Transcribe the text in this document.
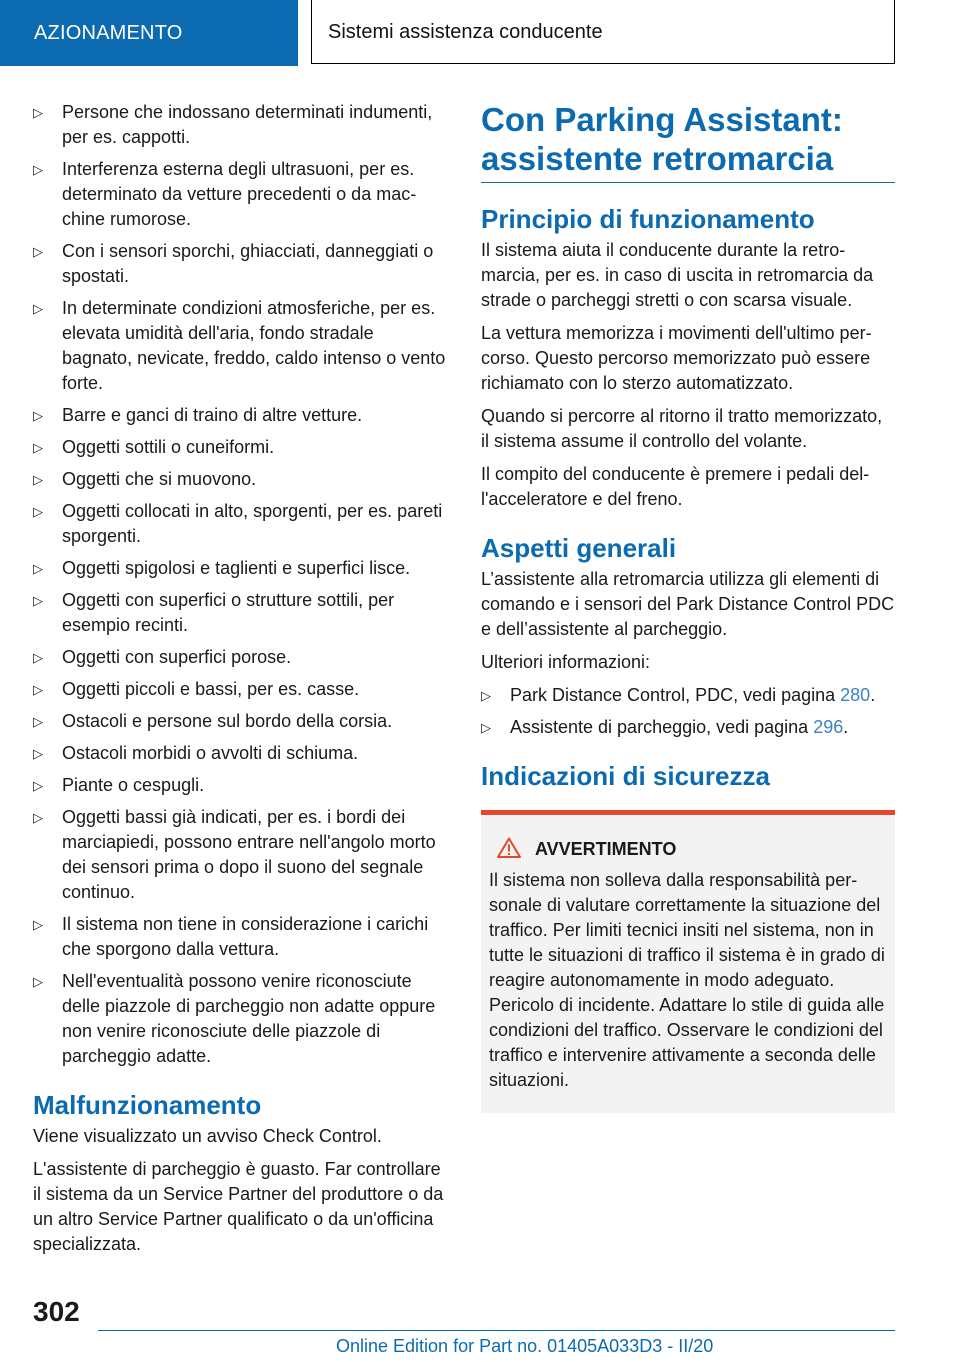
AZIONAMENTO	Sistemi assistenza conducente
▷ Persone che indossano determinati indumenti, per es. cappotti.
▷ Interferenza esterna degli ultrasuoni, per es. determinato da vetture precedenti o da macchine rumorose.
▷ Con i sensori sporchi, ghiacciati, danneggiati o spostati.
▷ In determinate condizioni atmosferiche, per es. elevata umidità dell'aria, fondo stradale bagnato, nevicate, freddo, caldo intenso o vento forte.
▷ Barre e ganci di traino di altre vetture.
▷ Oggetti sottili o cuneiformi.
▷ Oggetti che si muovono.
▷ Oggetti collocati in alto, sporgenti, per es. pareti sporgenti.
▷ Oggetti spigolosi e taglienti e superfici lisce.
▷ Oggetti con superfici o strutture sottili, per esempio recinti.
▷ Oggetti con superfici porose.
▷ Oggetti piccoli e bassi, per es. casse.
▷ Ostacoli e persone sul bordo della corsia.
▷ Ostacoli morbidi o avvolti di schiuma.
▷ Piante o cespugli.
▷ Oggetti bassi già indicati, per es. i bordi dei marciapiedi, possono entrare nell'angolo morto dei sensori prima o dopo il suono del segnale continuo.
▷ Il sistema non tiene in considerazione i carichi che sporgono dalla vettura.
▷ Nell'eventualità possono venire riconosciute delle piazzole di parcheggio non adatte oppure non venire riconosciute delle piazzole di parcheggio adatte.
Malfunzionamento

Viene visualizzato un avviso Check Control.

L'assistente di parcheggio è guasto. Far controllare il sistema da un Service Partner del produttore o da un altro Service Partner qualificato o da un'officina specializzata.

Con Parking Assistant: assistente retromarcia
Principio di funzionamento

Il sistema aiuta il conducente durante la retromarcia, per es. in caso di uscita in retromarcia da strade o parcheggi stretti o con scarsa visuale.

La vettura memorizza i movimenti dell'ultimo percorso. Questo percorso memorizzato può essere richiamato con lo sterzo automatizzato.

Quando si percorre al ritorno il tratto memorizzato, il sistema assume il controllo del volante.

Il compito del conducente è premere i pedali dell'acceleratore e del freno.

Aspetti generali

L’assistente alla retromarcia utilizza gli elementi di comando e i sensori del Park Distance Control PDC e dell’assistente al parcheggio.

Ulteriori informazioni:

▷ Park Distance Control, PDC, vedi pagina 280.
▷ Assistente di parcheggio, vedi pagina 296.
Indicazioni di sicurezza
AVVERTIMENTO

Il sistema non solleva dalla responsabilità personale di valutare correttamente la situazione del traffico. Per limiti tecnici insiti nel sistema, non in tutte le situazioni di traffico il sistema è in grado di reagire autonomamente in modo adeguato. Pericolo di incidente. Adattare lo stile di guida alle condizioni del traffico. Osservare le condizioni del traffico e intervenire attivamente a seconda delle situazioni.

302
Online Edition for Part no. 01405A033D3 - II/20
